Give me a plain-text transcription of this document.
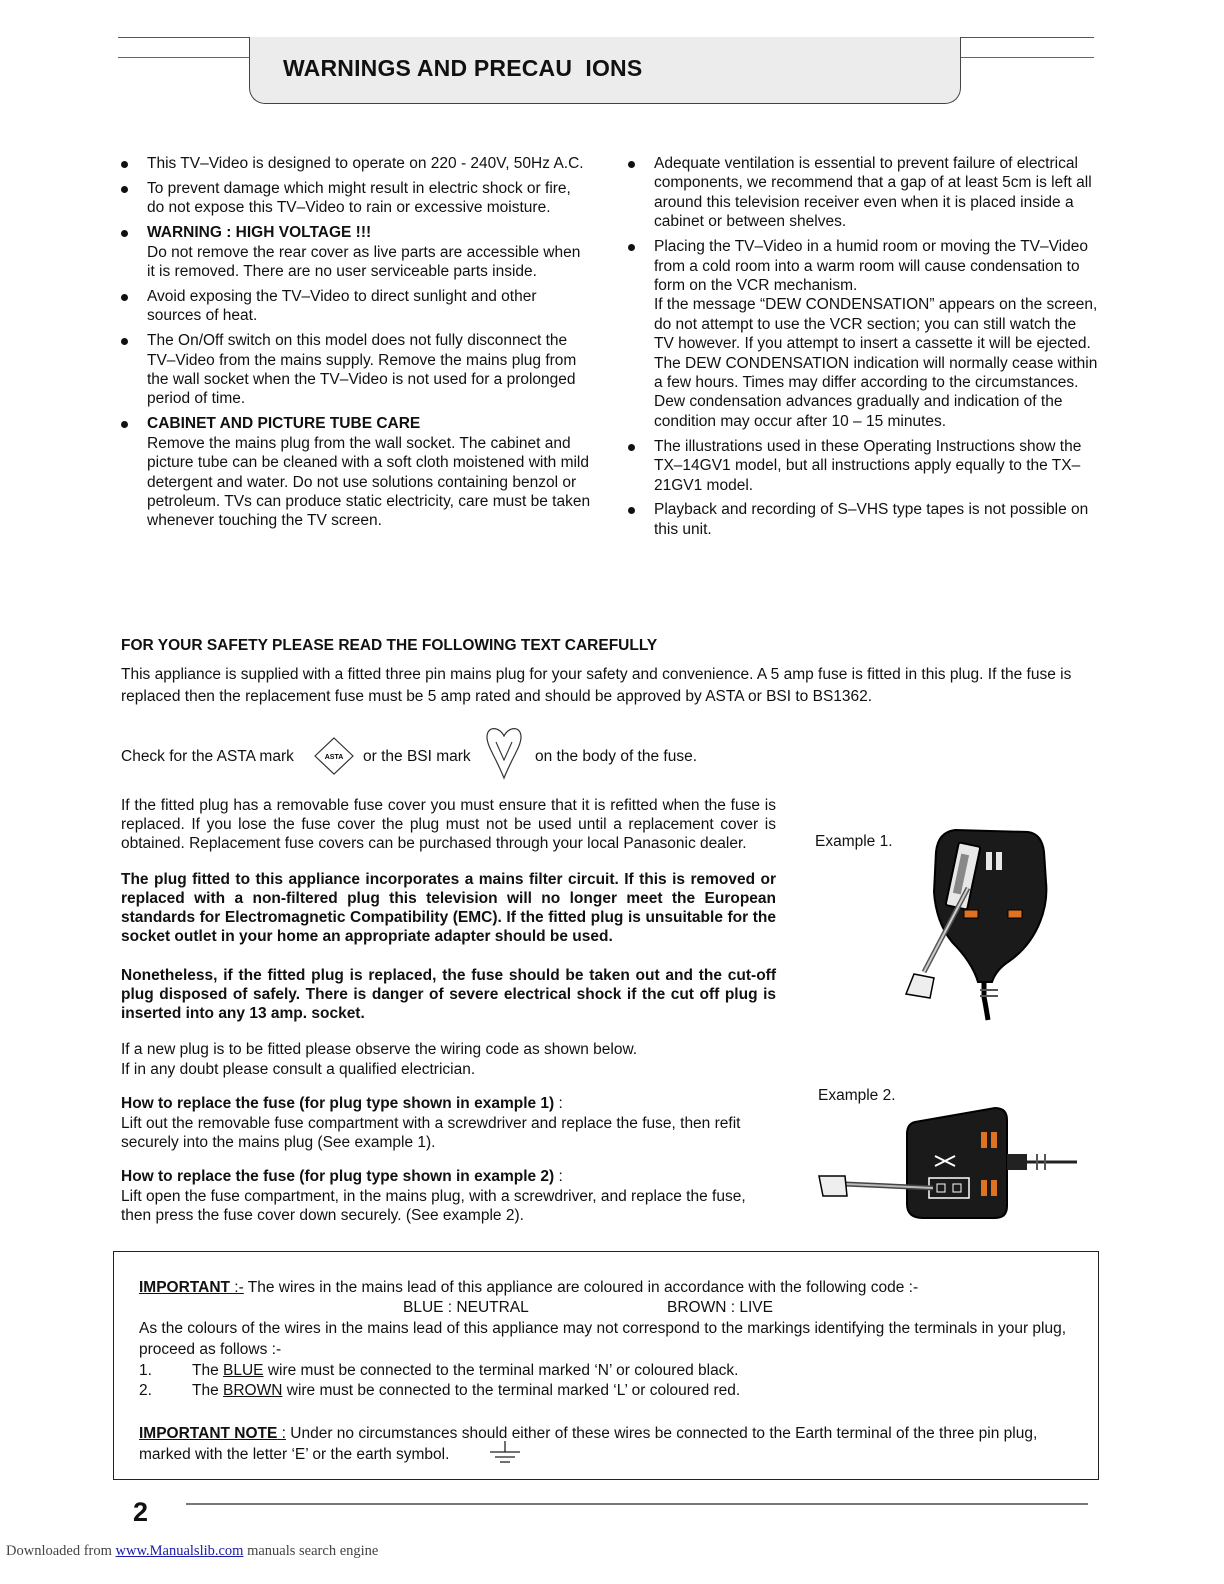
WARNINGS AND PRECAU  IONS
This TV–Video is designed to operate on 220 - 240V, 50Hz A.C.
To prevent damage which might result in electric shock or fire, do not expose this TV–Video to rain or excessive moisture.
WARNING : HIGH VOLTAGE !!!
Do not remove the rear cover as live parts are accessible when it is removed. There are no user serviceable parts inside.
Avoid exposing the TV–Video to direct sunlight and other sources of heat.
The On/Off switch on this model does not fully disconnect the TV–Video from the mains supply. Remove the mains plug from the wall socket when the TV–Video is not used for a prolonged period of time.
CABINET AND PICTURE TUBE CARE
Remove the mains plug from the wall socket. The cabinet and picture tube can be cleaned with a soft cloth moistened with mild detergent and water. Do not use solutions containing benzol or petroleum. TVs can produce static electricity, care must be taken whenever touching the TV screen.
Adequate ventilation is essential to prevent failure of electrical components, we recommend that a gap of at least 5cm is left all around this television receiver even when it is placed inside a cabinet or between shelves.
Placing the TV–Video in a humid room or moving the TV–Video from a cold room into a warm room will cause condensation to form on the VCR mechanism.
If the message “DEW CONDENSATION” appears on the screen, do not attempt to use the VCR section; you can still watch the TV however. If you attempt to insert a cassette it will be ejected. The DEW CONDENSATION indication will normally cease within a few hours. Times may differ according to the circumstances. Dew condensation advances gradually and indication of the condition may occur after 10 – 15 minutes.
The illustrations used in these Operating Instructions show the TX–14GV1 model, but all instructions apply equally to the TX–21GV1 model.
Playback and recording of S–VHS type tapes is not possible on this unit.
FOR YOUR SAFETY PLEASE READ THE FOLLOWING TEXT CAREFULLY
This appliance is supplied with a fitted three pin mains plug for your safety and convenience. A 5 amp fuse is fitted in this plug. If the fuse is replaced then the replacement fuse must be 5 amp rated and should be approved by ASTA or BSI to BS1362.
Check for the ASTA mark	ASTA or the BSI mark	on the body of the fuse.
If the fitted plug has a removable fuse cover you must ensure that it is refitted when the fuse is replaced. If you lose the fuse cover the plug must not be used until a replacement cover is obtained. Replacement fuse covers can be purchased through your local Panasonic dealer.
The plug fitted to this appliance incorporates a mains filter circuit. If this is removed or replaced with a non-filtered plug this television will no longer meet the European standards for Electromagnetic Compatibility (EMC). If the fitted plug is unsuitable for the socket outlet in your home an appropriate adapter should be used.
Nonetheless, if the fitted plug is replaced, the fuse should be taken out and the cut-off plug disposed of safely. There is danger of severe electrical shock if the cut off plug is inserted into any 13 amp. socket.
If a new plug is to be fitted please observe the wiring code as shown below.
If in any doubt please consult a qualified electrician.
How to replace the fuse (for plug type shown in example 1) :
Lift out the removable fuse compartment with a screwdriver and replace the fuse, then refit securely into the mains plug (See example 1).
How to replace the fuse (for plug type shown in example 2) :
Lift open the fuse compartment, in the mains plug, with a screwdriver, and replace the fuse, then press the fuse cover down securely. (See example 2).
Example 1.
Example 2.
IMPORTANT :- The wires in the mains lead of this appliance are coloured in accordance with the following code :-
BLUE : NEUTRAL	BROWN : LIVE
As the colours of the wires in the mains lead of this appliance may not correspond to the markings identifying the terminals in your plug, proceed as follows :-
1.	The BLUE wire must be connected to the terminal marked ‘N’ or coloured black.
2.	The BROWN wire must be connected to the terminal marked ‘L’ or coloured red.
IMPORTANT NOTE : Under no circumstances should either of these wires be connected to the Earth terminal of the three pin plug, marked with the letter ‘E’ or the earth symbol.
2
Downloaded from www.Manualslib.com manuals search engine
